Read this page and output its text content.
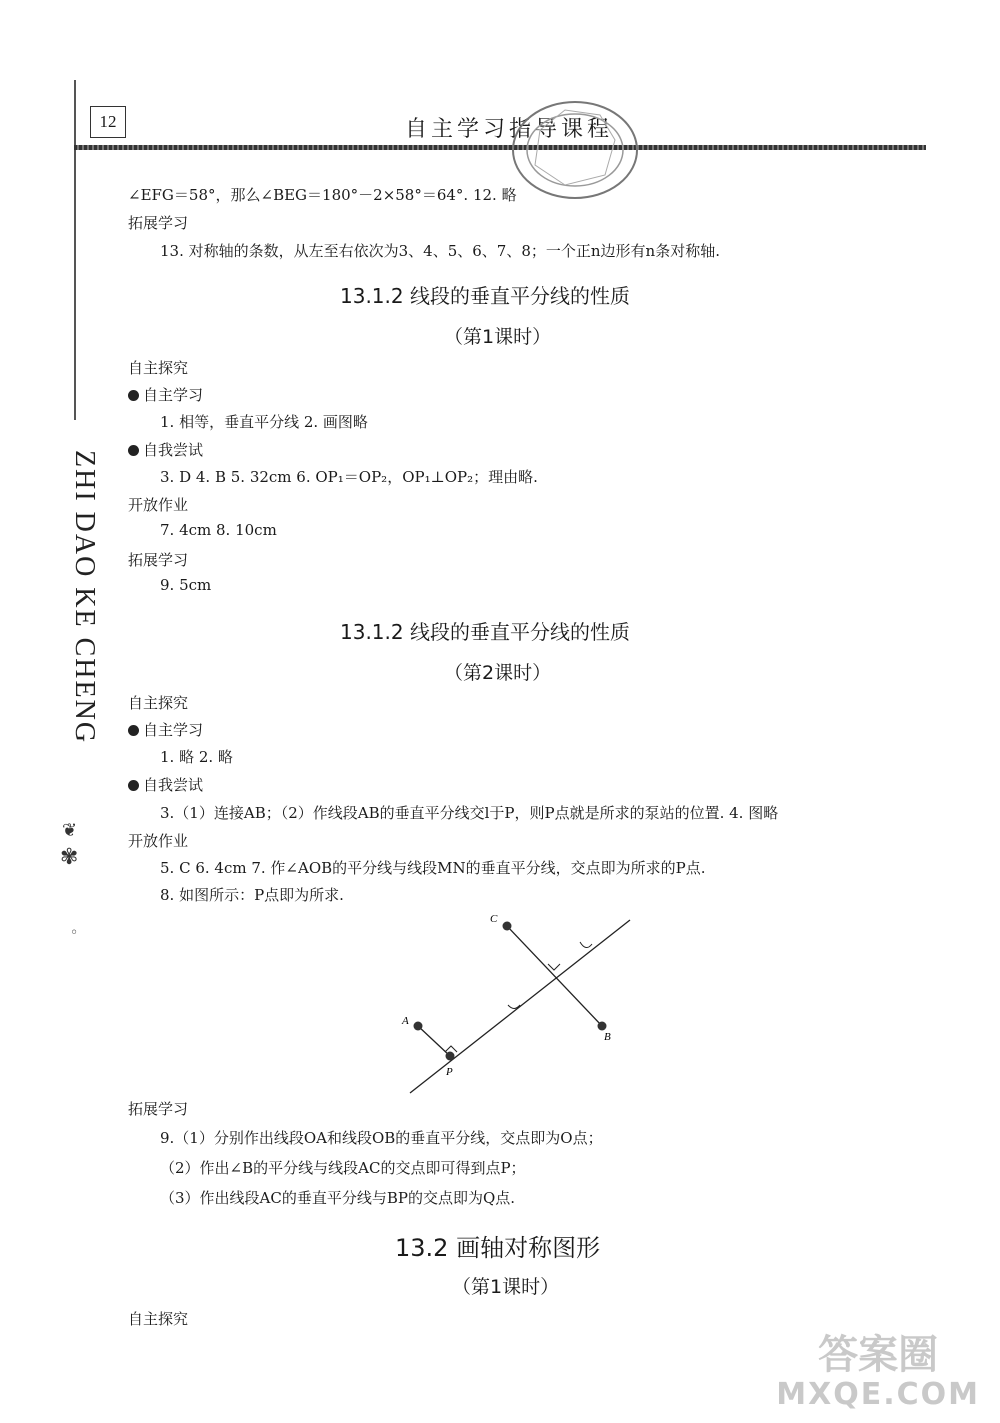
12	自主学习指导课程
ZHI DAO KE CHENG
❦
✾
◦
∠EFG＝58°，那么∠BEG＝180°－2×58°＝64°. 12. 略
拓展学习
13. 对称轴的条数，从左至右依次为3、4、5、6、7、8；一个正n边形有n条对称轴.
13.1.2 线段的垂直平分线的性质
（第1课时）
自主探究
自主学习
1. 相等，垂直平分线 2. 画图略
自我尝试
3. D 4. B 5. 32cm 6. OP₁＝OP₂，OP₁⊥OP₂；理由略.
开放作业
7. 4cm 8. 10cm
拓展学习
9. 5cm
13.1.2 线段的垂直平分线的性质
（第2课时）
自主探究
自主学习
1. 略 2. 略
自我尝试
3.（1）连接AB；（2）作线段AB的垂直平分线交l于P，则P点就是所求的泵站的位置. 4. 图略
开放作业
5. C 6. 4cm 7. 作∠AOB的平分线与线段MN的垂直平分线，交点即为所求的P点.
8. 如图所示：P点即为所求.
C
B
A
P
拓展学习
9.（1）分别作出线段OA和线段OB的垂直平分线，交点即为O点；
（2）作出∠B的平分线与线段AC的交点即可得到点P；
（3）作出线段AC的垂直平分线与BP的交点即为Q点.
13.2 画轴对称图形
（第1课时）
自主探究
答案圈
MXQE.COM
